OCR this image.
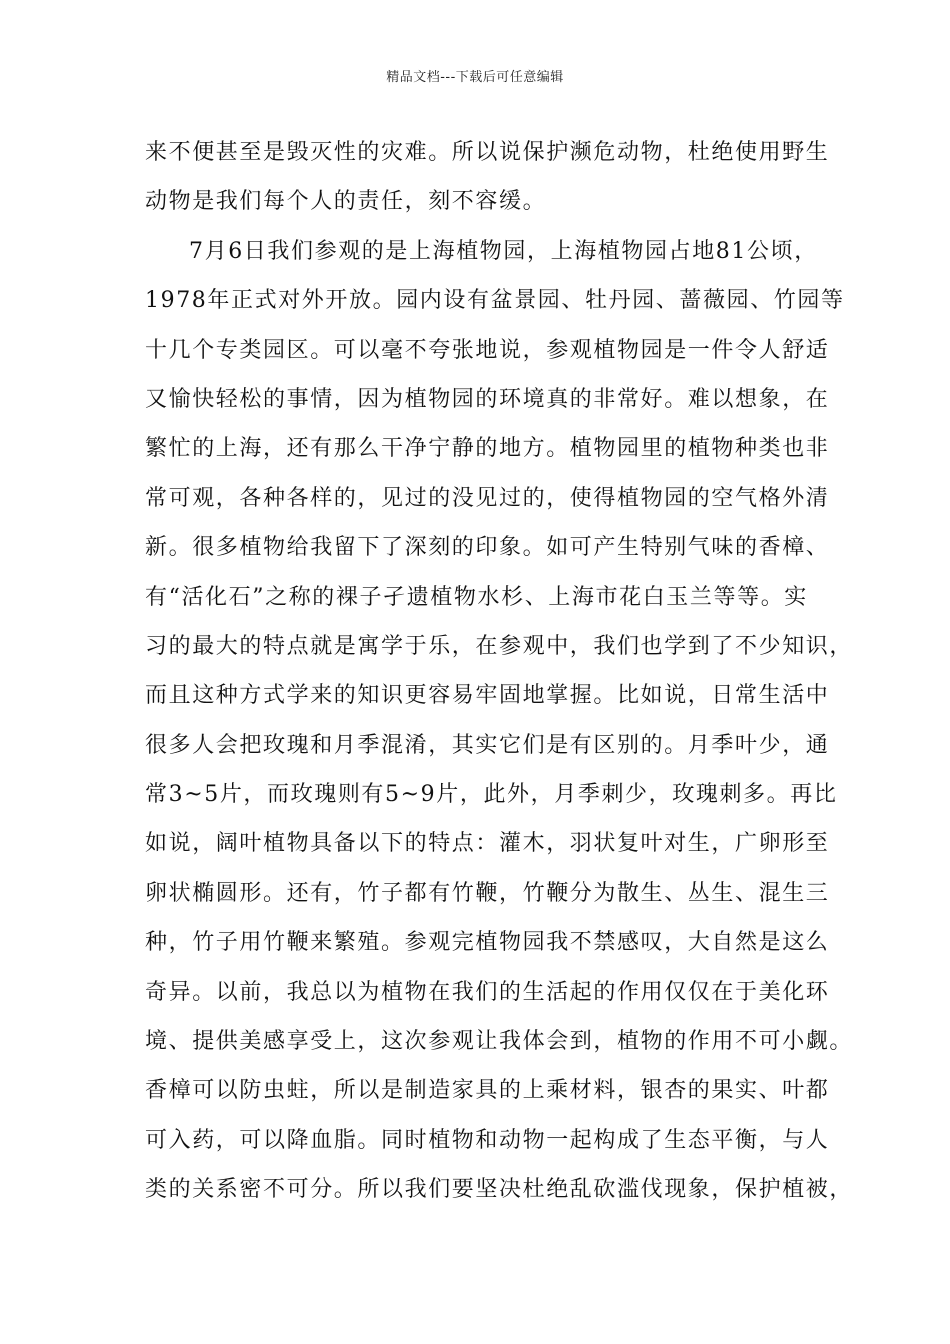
精品文档---下载后可任意编辑
来不便甚至是毁灭性的灾难。所以说保护濒危动物，杜绝使用野生
动物是我们每个人的责任，刻不容缓。
7月6日我们参观的是上海植物园，上海植物园占地81公顷，
1978年正式对外开放。园内设有盆景园、牡丹园、蔷薇园、竹园等
十几个专类园区。可以毫不夸张地说，参观植物园是一件令人舒适
又愉快轻松的事情，因为植物园的环境真的非常好。难以想象，在
繁忙的上海，还有那么干净宁静的地方。植物园里的植物种类也非
常可观，各种各样的，见过的没见过的，使得植物园的空气格外清
新。很多植物给我留下了深刻的印象。如可产生特别气味的香樟、
有“活化石”之称的裸子孑遗植物水杉、上海市花白玉兰等等。实
习的最大的特点就是寓学于乐，在参观中，我们也学到了不少知识，
而且这种方式学来的知识更容易牢固地掌握。比如说，日常生活中
很多人会把玫瑰和月季混淆，其实它们是有区别的。月季叶少，通
常3~5片，而玫瑰则有5~9片，此外，月季刺少，玫瑰刺多。再比
如说，阔叶植物具备以下的特点：灌木，羽状复叶对生，广卵形至
卵状椭圆形。还有，竹子都有竹鞭，竹鞭分为散生、丛生、混生三
种，竹子用竹鞭来繁殖。参观完植物园我不禁感叹，大自然是这么
奇异。以前，我总以为植物在我们的生活起的作用仅仅在于美化环
境、提供美感享受上，这次参观让我体会到，植物的作用不可小觑。
香樟可以防虫蛀，所以是制造家具的上乘材料，银杏的果实、叶都
可入药，可以降血脂。同时植物和动物一起构成了生态平衡，与人
类的关系密不可分。所以我们要坚决杜绝乱砍滥伐现象，保护植被，
